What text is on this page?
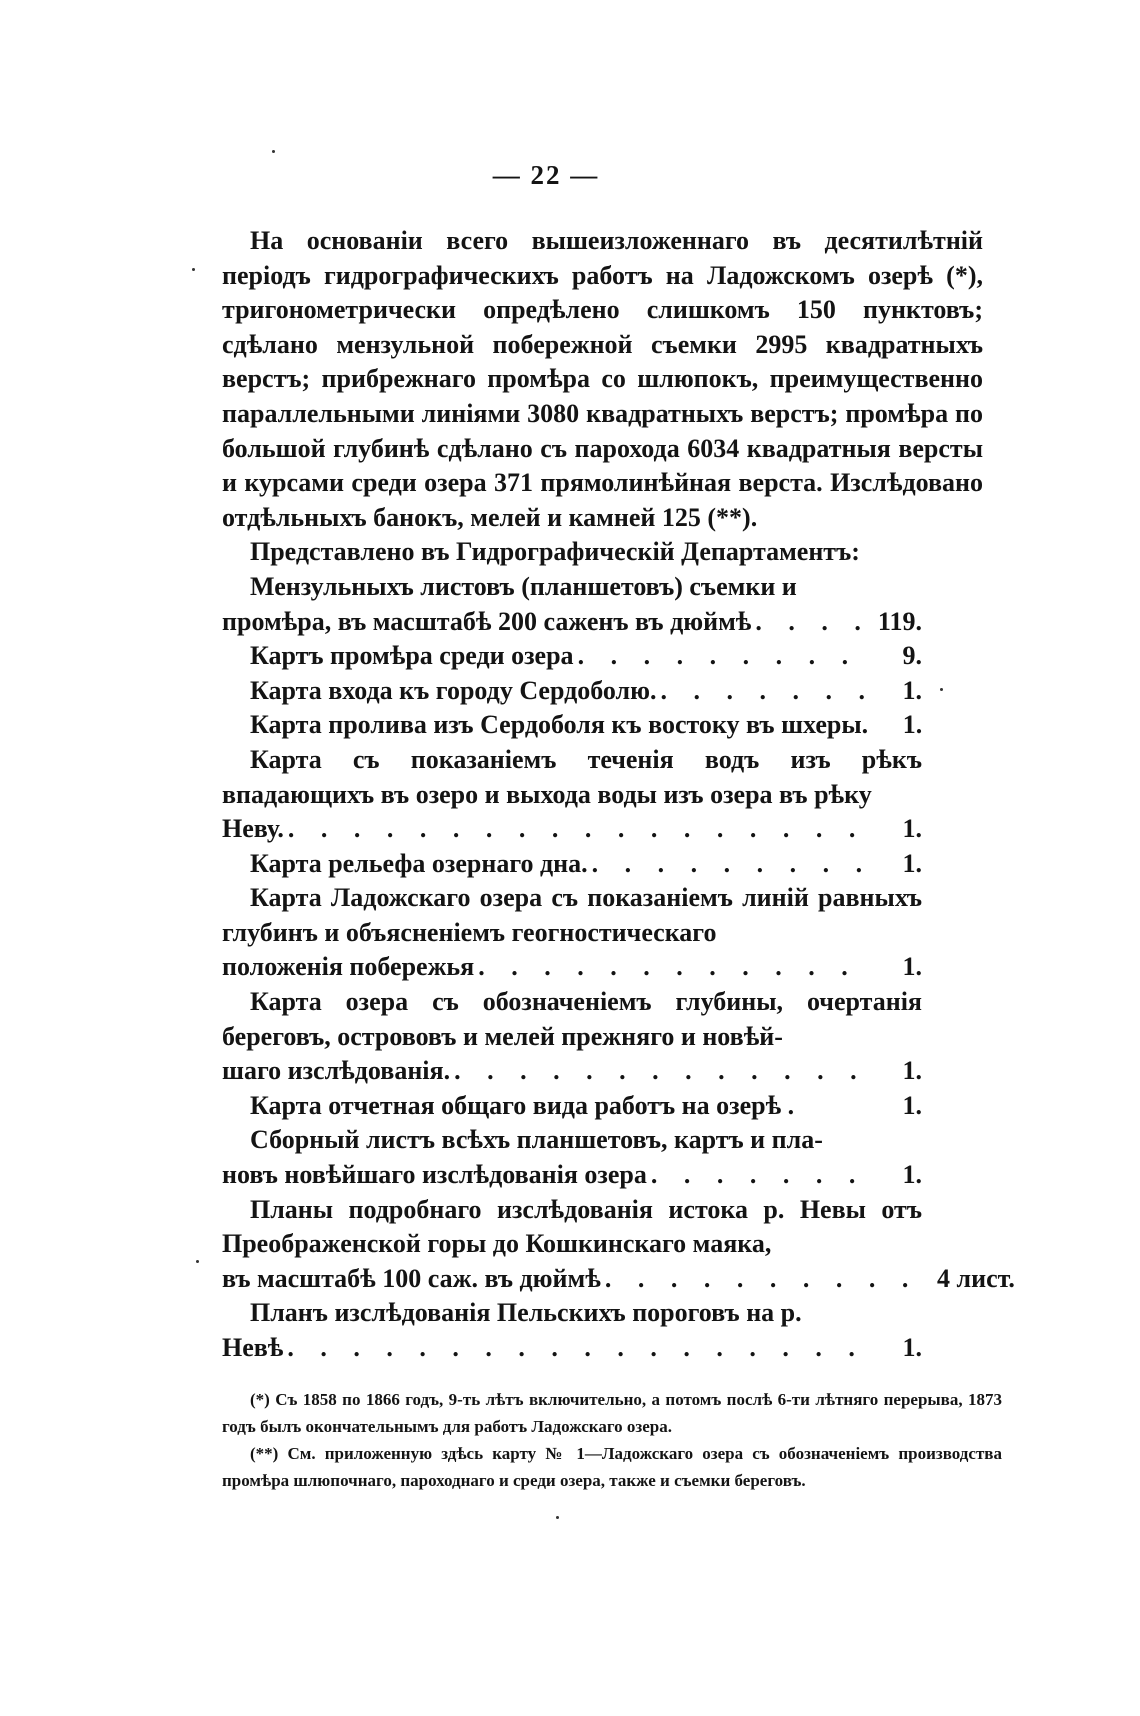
— 22 —

На основаніи всего вышеизложеннаго въ десятилѣтній періодъ гидрографическихъ работъ на Ладожскомъ озерѣ (*), тригонометрически опредѣлено слишкомъ 150 пунктовъ; сдѣлано мензульной побережной съемки 2995 квадратныхъ верстъ; прибрежнаго промѣра со шлюпокъ, преимущественно параллельными линіями 3080 квадратныхъ верстъ; промѣра по большой глубинѣ сдѣлано съ парохода 6034 квадратныя версты и курсами среди озера 371 прямолинѣйная верста. Изслѣдовано отдѣльныхъ банокъ, мелей и камней 125 (**).

Представлено въ Гидрографическій Департаментъ:

Мензульныхъ листовъ (планшетовъ) съемки и
промѣра, въ масштабѣ 200 саженъ въ дюймѣ . . .	119.
Картъ промѣра среди озера . . .	9.
Карта входа къ городу Сердоболю. . . .	1.
Карта пролива изъ Сердоболя къ востоку въ шхеры.	1.
Карта съ показаніемъ теченія водъ изъ рѣкъ впадающихъ въ озеро и выхода воды изъ озера въ рѣку
Неву. . . .	1.
Карта рельефа озернаго дна. . . .	1.
Карта Ладожскаго озера съ показаніемъ линій равныхъ глубинъ и объясненіемъ геогностическаго
положенія побережья . . .	1.
Карта озера съ обозначеніемъ глубины, очертанія береговъ, острововъ и мелей прежняго и новѣй-
шаго изслѣдованія. . . .	1.
Карта отчетная общаго вида работъ на озерѣ .	1.
Сборный листъ всѣхъ планшетовъ, картъ и пла-
новъ новѣйшаго изслѣдованія озера . . .	1.
Планы подробнаго изслѣдованія истока р. Невы отъ Преображенской горы до Кошкинскаго маяка,
въ масштабѣ 100 саж. въ дюймѣ . . .	4 лист.
Планъ изслѣдованія Пельскихъ пороговъ на р.
Невѣ . . .	1.

(*) Съ 1858 по 1866 годъ, 9-ть лѣтъ включительно, а потомъ послѣ 6-ти лѣтняго перерыва, 1873 годъ былъ окончательнымъ для работъ Ладожскаго озера.

(**) См. приложенную здѣсь карту № 1—Ладожскаго озера съ обозначеніемъ производства промѣра шлюпочнаго, пароходнаго и среди озера, также и съемки береговъ.
